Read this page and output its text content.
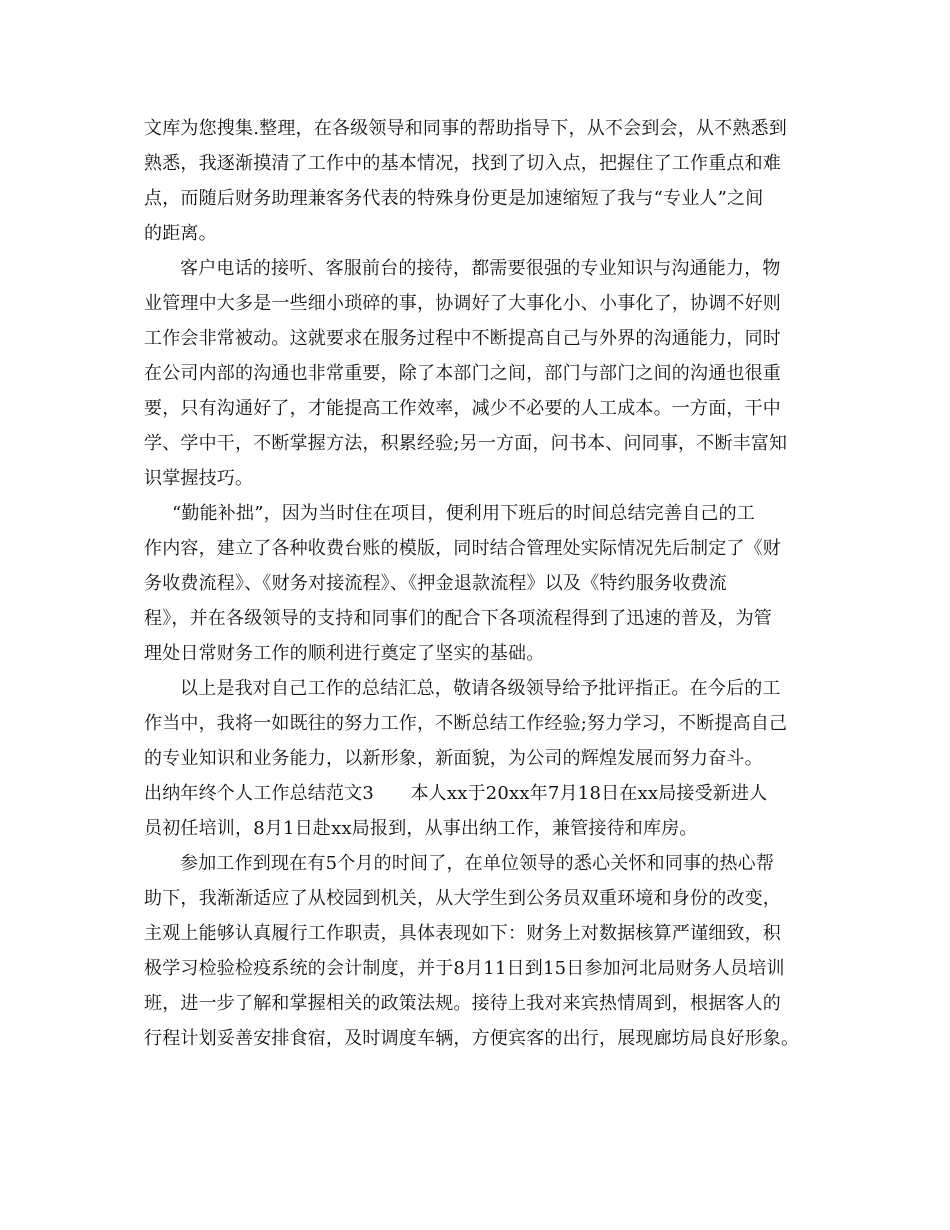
文库为您搜集.整理，在各级领导和同事的帮助指导下，从不会到会，从不熟悉到
熟悉，我逐渐摸清了工作中的基本情况，找到了切入点，把握住了工作重点和难
点，而随后财务助理兼客务代表的特殊身份更是加速缩短了我与“专业人”之间
的距离。
客户电话的接听、客服前台的接待，都需要很强的专业知识与沟通能力，物
业管理中大多是一些细小琐碎的事，协调好了大事化小、小事化了，协调不好则
工作会非常被动。这就要求在服务过程中不断提高自己与外界的沟通能力，同时
在公司内部的沟通也非常重要，除了本部门之间，部门与部门之间的沟通也很重
要，只有沟通好了，才能提高工作效率，减少不必要的人工成本。一方面，干中
学、学中干，不断掌握方法，积累经验;另一方面，问书本、问同事，不断丰富知
识掌握技巧。
“勤能补拙”，因为当时住在项目，便利用下班后的时间总结完善自己的工
作内容，建立了各种收费台账的模版，同时结合管理处实际情况先后制定了《财
务收费流程》、《财务对接流程》、《押金退款流程》以及《特约服务收费流
程》，并在各级领导的支持和同事们的配合下各项流程得到了迅速的普及，为管
理处日常财务工作的顺利进行奠定了坚实的基础。
以上是我对自己工作的总结汇总，敬请各级领导给予批评指正。在今后的工
作当中，我将一如既往的努力工作，不断总结工作经验;努力学习，不断提高自己
的专业知识和业务能力，以新形象，新面貌，为公司的辉煌发展而努力奋斗。
出纳年终个人工作总结范文3　　本人xx于20xx年7月18日在xx局接受新进人
员初任培训，8月1日赴xx局报到，从事出纳工作，兼管接待和库房。
参加工作到现在有5个月的时间了，在单位领导的悉心关怀和同事的热心帮
助下，我渐渐适应了从校园到机关，从大学生到公务员双重环境和身份的改变，
主观上能够认真履行工作职责，具体表现如下：财务上对数据核算严谨细致，积
极学习检验检疫系统的会计制度，并于8月11日到15日参加河北局财务人员培训
班，进一步了解和掌握相关的政策法规。接待上我对来宾热情周到，根据客人的
行程计划妥善安排食宿，及时调度车辆，方便宾客的出行，展现廊坊局良好形象。
